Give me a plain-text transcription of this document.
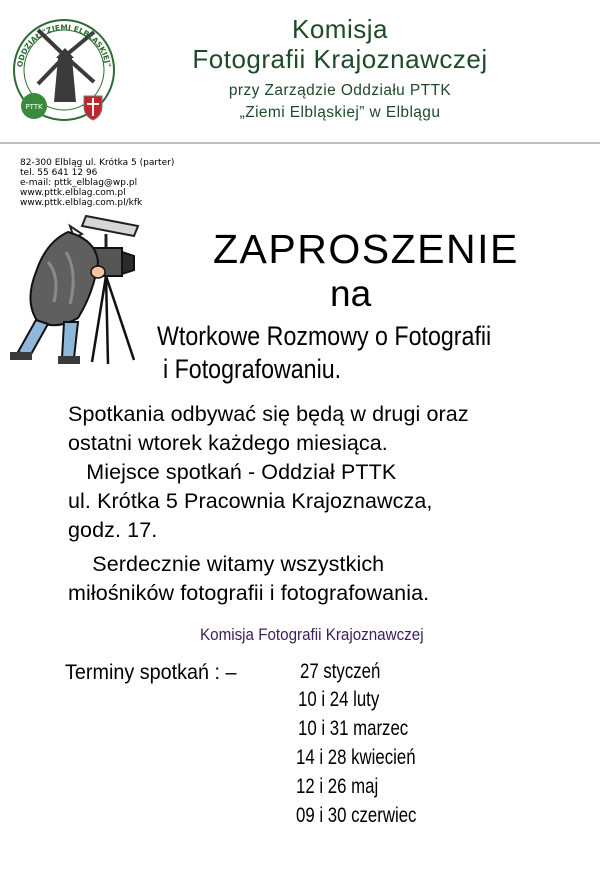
PTTK
ODDZIAŁ "ZIEMI ELBLĄSKIEJ"
Komisja
Fotografii Krajoznawczej
przy Zarządzie Oddziału PTTK
„Ziemi Elbląskiej” w Elblągu
82-300 Elbląg ul. Krótka 5 (parter)
tel. 55 641 12 96
e-mail: pttk_elblag@wp.pl
www.pttk.elblag.com.pl
www.pttk.elblag.com.pl/kfk
ZAPROSZENIE
na
Wtorkowe Rozmowy o Fotografii
i Fotografowaniu.
Spotkania odbywać się będą w drugi oraz
ostatni wtorek każdego miesiąca.
Miejsce spotkań - Oddział PTTK
ul. Krótka 5 Pracownia Krajoznawcza,
godz. 17.
Serdecznie witamy wszystkich
miłośników fotografii i fotografowania.
Komisja Fotografii Krajoznawczej
Terminy spotkań : –	27 styczeń
10 i 24 luty
10 i 31 marzec
14 i 28 kwiecień
12 i 26 maj
09 i 30 czerwiec
